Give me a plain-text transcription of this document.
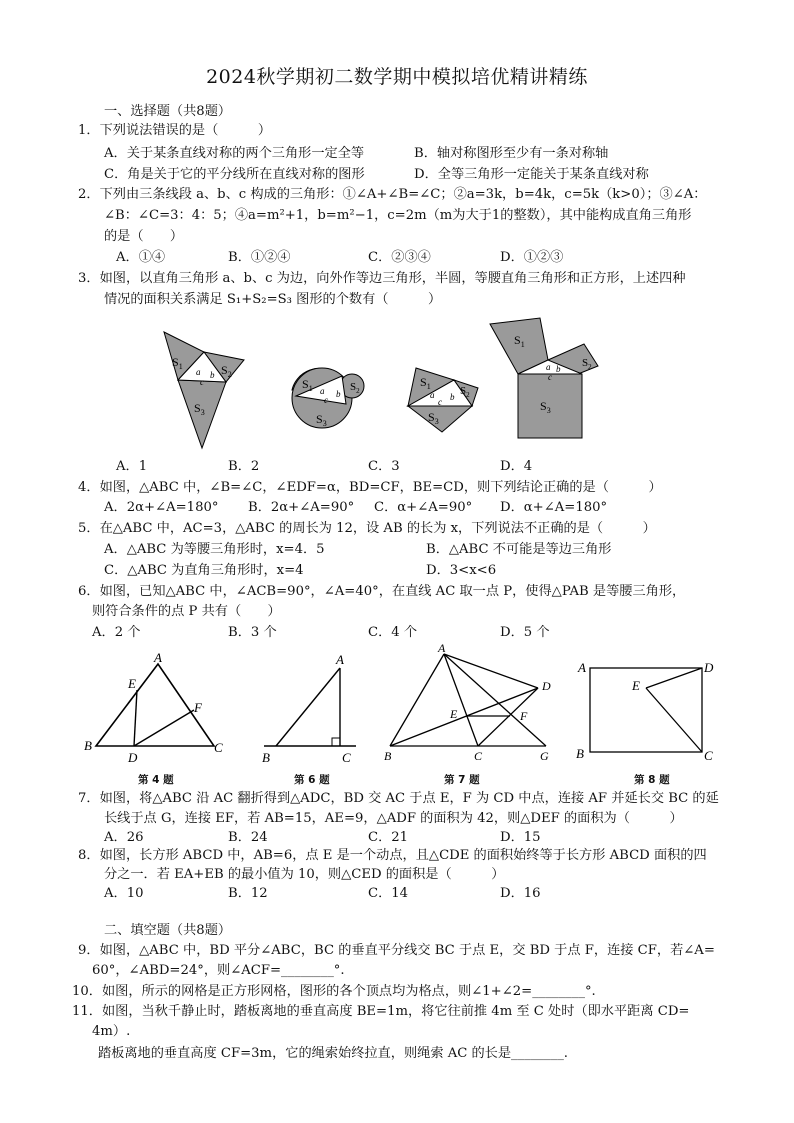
2024秋学期初二数学期中模拟培优精讲精练
一、选择题（共8题）
1．下列说法错误的是（　　　）
A．关于某条直线对称的两个三角形一定全等	B．轴对称图形至少有一条对称轴
C．角是关于它的平分线所在直线对称的图形	D．全等三角形一定能关于某条直线对称
2．下列由三条线段 a、b、c 构成的三角形：①∠A+∠B=∠C；②a=3k，b=4k，c=5k（k>0）；③∠A：
∠B：∠C=3：4：5；④a=m²+1，b=m²−1，c=2m（m为大于1的整数），其中能构成直角三角形
的是（　　）
A．①④	B．①②④	C．②③④	D．①②③
3．如图，以直角三角形 a、b、c 为边，向外作等边三角形，半圆，等腰直角三角形和正方形，上述四种
情况的面积关系满足 S₁+S₂=S₃ 图形的个数有（　　　）
$S_1$	$S_2$
$S_3$
a b
c	$S_1$	$S_2$
$S_3$
a b
c
$S_1$	$S_2$
$S_3$
a b
c
$S_1$
$S_2$
$S_3$
a b
c
A．1	B．2	C．3	D．4
4．如图，△ABC 中，∠B=∠C，∠EDF=α，BD=CF，BE=CD，则下列结论正确的是（　　　）
A．2α+∠A=180° B．2α+∠A=90° C．α+∠A=90° D．α+∠A=180°
5．在△ABC 中，AC=3，△ABC 的周长为 12，设 AB 的长为 x，下列说法不正确的是（　　　）
A．△ABC 为等腰三角形时，x=4．5	B．△ABC 不可能是等边三角形
C．△ABC 为直角三角形时，x=4	D．3<x<6
6．如图，已知△ABC 中，∠ACB=90°，∠A=40°，在直线 AC 取一点 P，使得△PAB 是等腰三角形，
则符合条件的点 P 共有（　　）
A．2 个	B．3 个	C．4 个	D．5 个
A
B	C
D
E
F
第 4 题
A
B	C
第 6 题
A
B	C
D
E	F
G
第 7 题
A
B	C
D
E
第 8 题
7．如图，将△ABC 沿 AC 翻折得到△ADC，BD 交 AC 于点 E，F 为 CD 中点，连接 AF 并延长交 BC 的延
长线于点 G，连接 EF，若 AB=15，AE=9，△ADF 的面积为 42，则△DEF 的面积为（　　　）
A．26	B．24	C．21	D．15
8．如图，长方形 ABCD 中，AB=6，点 E 是一个动点，且△CDE 的面积始终等于长方形 ABCD 面积的四
分之一．若 EA+EB 的最小值为 10，则△CED 的面积是（　　　）
A．10	B．12	C．14	D．16
二、填空题（共8题）
9．如图，△ABC 中，BD 平分∠ABC，BC 的垂直平分线交 BC 于点 E，交 BD 于点 F，连接 CF，若∠A=
60°，∠ABD=24°，则∠ACF=________°.
10．如图，所示的网格是正方形网格，图形的各个顶点均为格点，则∠1+∠2=________°.
11．如图，当秋千静止时，踏板离地的垂直高度 BE=1m，将它往前推 4m 至 C 处时（即水平距离 CD=
4m）.
踏板离地的垂直高度 CF=3m，它的绳索始终拉直，则绳索 AC 的长是________.
